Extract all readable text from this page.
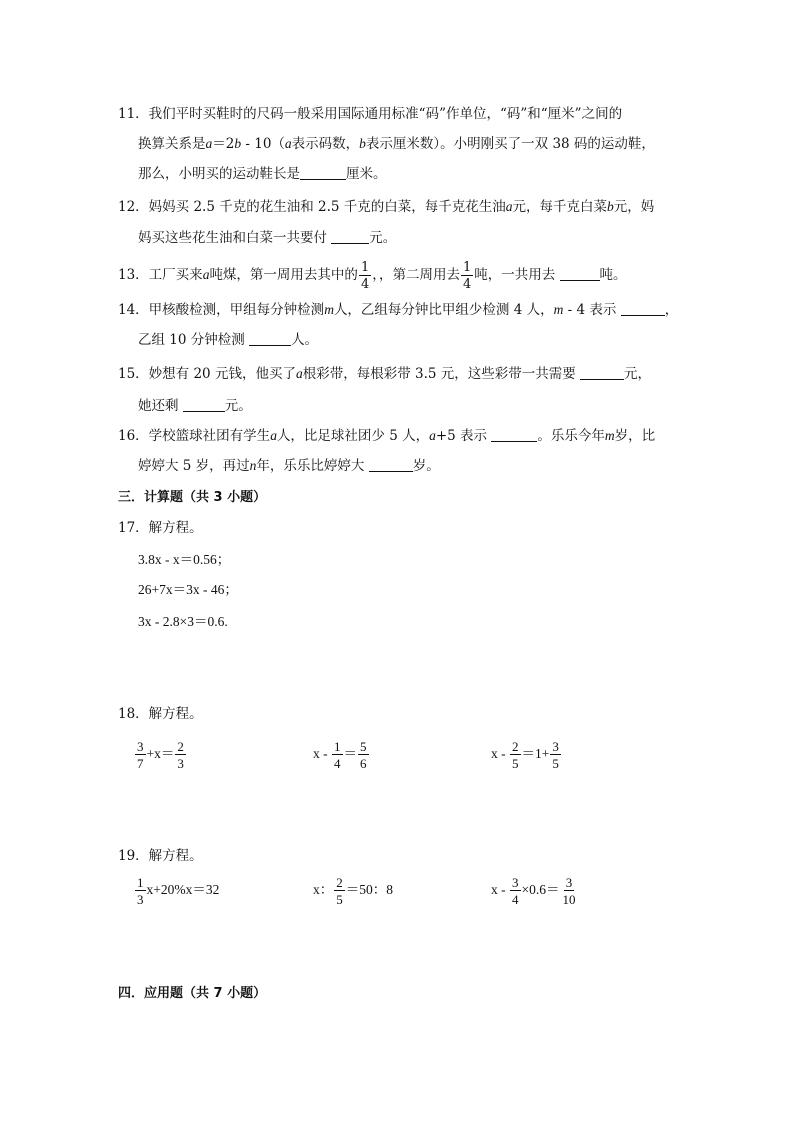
11．我们平时买鞋时的尺码一般采用国际通用标准“码”作单位，“码”和“厘米”之间的
换算关系是a＝2b - 10（a表示码数，b表示厘米数）。小明刚买了一双 38 码的运动鞋，
那么，小明买的运动鞋长是	厘米。
12．妈妈买 2.5 千克的花生油和 2.5 千克的白菜，每千克花生油a元，每千克白菜b元，妈
妈买这些花生油和白菜一共要付	元。
13．工厂买来a吨煤，第一周用去其中的 $\frac{1}{4}$ ，，第二周用去 $\frac{1}{4}$ 吨，一共用去	吨。
14．甲核酸检测，甲组每分钟检测m人，乙组每分钟比甲组少检测 4 人，m - 4 表示	，
乙组 10 分钟检测	人。
15．妙想有 20 元钱，他买了a根彩带，每根彩带 3.5 元，这些彩带一共需要	元，
她还剩	元。
16．学校篮球社团有学生a人，比足球社团少 5 人，a+5 表示	。乐乐今年m岁，比
婷婷大 5 岁，再过n年，乐乐比婷婷大	岁。
三．计算题（共 3 小题）
17．解方程。
3.8x - x＝0.56；
26+7x＝3x - 46；
3x - 2.8×3＝0.6.
18．解方程。
$\frac{3}{7} +x= \frac{2}{3}$	$x - \frac{1}{4} = \frac{5}{6}$	$x - \frac{2}{5} =1+ \frac{3}{5}$
19．解方程。
$\frac{1}{3} x+20\%x=32$	x： $\frac{2}{5} =50$：8	$x - \frac{3}{4} \times 0.6= \frac{3}{10}$
四．应用题（共 7 小题）
